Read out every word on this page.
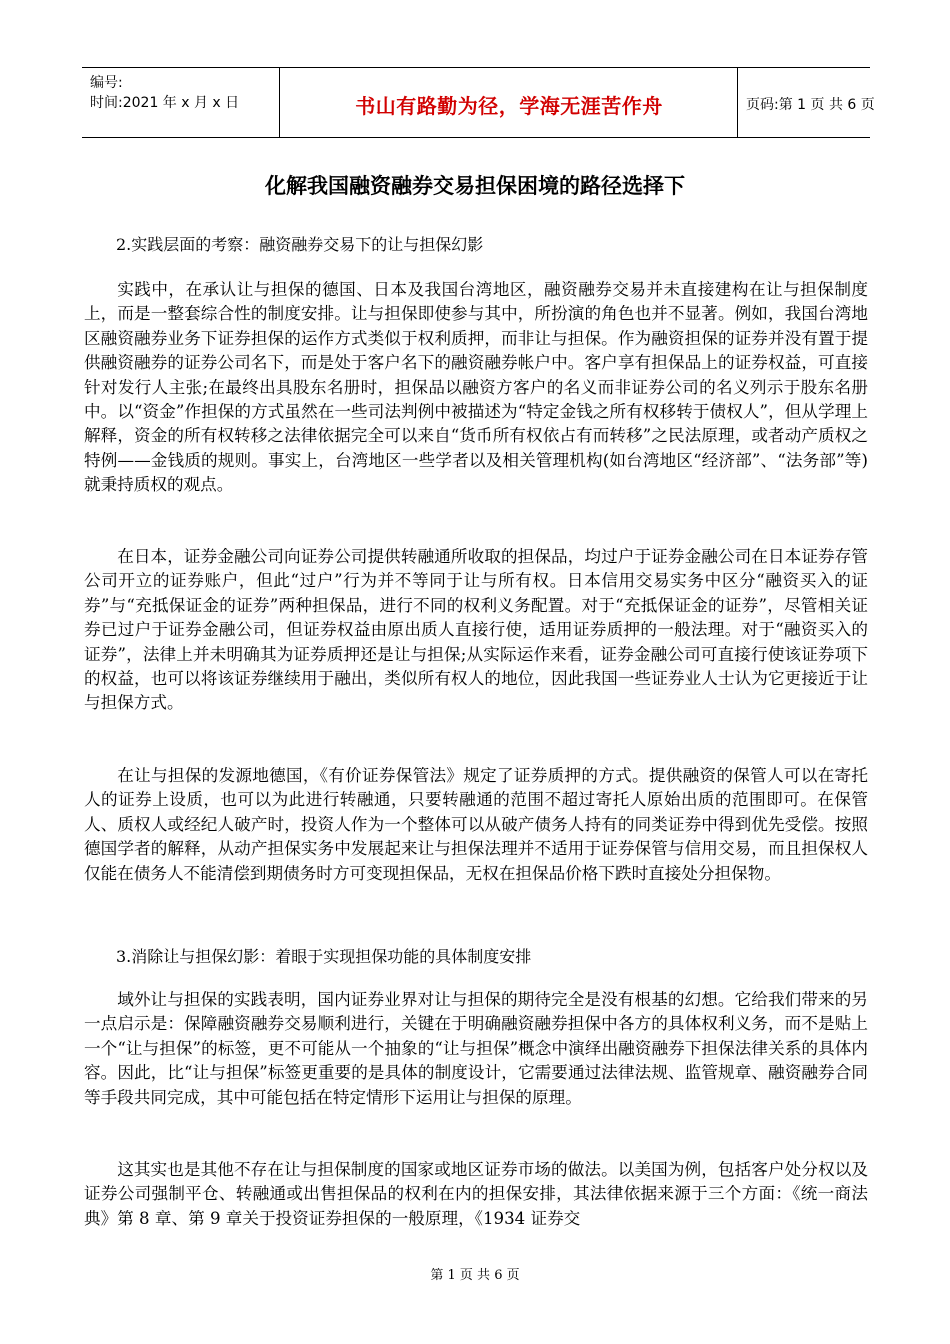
编号:
时间:2021 年 x 月 x 日	书山有路勤为径，学海无涯苦作舟	页码:第 1 页 共 6 页
化解我国融资融券交易担保困境的路径选择下

2.实践层面的考察：融资融券交易下的让与担保幻影

实践中，在承认让与担保的德国、日本及我国台湾地区，融资融券交易并未直接建构在让与担保制度上，而是一整套综合性的制度安排。让与担保即使参与其中，所扮演的角色也并不显著。例如，我国台湾地区融资融券业务下证券担保的运作方式类似于权利质押，而非让与担保。作为融资担保的证券并没有置于提供融资融券的证券公司名下，而是处于客户名下的融资融券帐户中。客户享有担保品上的证券权益，可直接针对发行人主张;在最终出具股东名册时，担保品以融资方客户的名义而非证券公司的名义列示于股东名册中。以“资金”作担保的方式虽然在一些司法判例中被描述为“特定金钱之所有权移转于债权人”，但从学理上解释，资金的所有权转移之法律依据完全可以来自“货币所有权依占有而转移”之民法原理，或者动产质权之特例——金钱质的规则。事实上，台湾地区一些学者以及相关管理机构(如台湾地区“经济部”、“法务部”等)就秉持质权的观点。

在日本，证券金融公司向证券公司提供转融通所收取的担保品，均过户于证券金融公司在日本证券存管公司开立的证券账户，但此“过户”行为并不等同于让与所有权。日本信用交易实务中区分“融资买入的证券”与“充抵保证金的证券”两种担保品，进行不同的权利义务配置。对于“充抵保证金的证券”，尽管相关证券已过户于证券金融公司，但证券权益由原出质人直接行使，适用证券质押的一般法理。对于“融资买入的证券”，法律上并未明确其为证券质押还是让与担保;从实际运作来看，证券金融公司可直接行使该证券项下的权益，也可以将该证券继续用于融出，类似所有权人的地位，因此我国一些证券业人士认为它更接近于让与担保方式。

在让与担保的发源地德国，《有价证券保管法》规定了证券质押的方式。提供融资的保管人可以在寄托人的证券上设质，也可以为此进行转融通，只要转融通的范围不超过寄托人原始出质的范围即可。在保管人、质权人或经纪人破产时，投资人作为一个整体可以从破产债务人持有的同类证券中得到优先受偿。按照德国学者的解释，从动产担保实务中发展起来让与担保法理并不适用于证券保管与信用交易，而且担保权人仅能在债务人不能清偿到期债务时方可变现担保品，无权在担保品价格下跌时直接处分担保物。

3.消除让与担保幻影：着眼于实现担保功能的具体制度安排

域外让与担保的实践表明，国内证券业界对让与担保的期待完全是没有根基的幻想。它给我们带来的另一点启示是：保障融资融券交易顺利进行，关键在于明确融资融券担保中各方的具体权利义务，而不是贴上一个“让与担保”的标签，更不可能从一个抽象的“让与担保”概念中演绎出融资融券下担保法律关系的具体内容。因此，比“让与担保”标签更重要的是具体的制度设计，它需要通过法律法规、监管规章、融资融券合同等手段共同完成，其中可能包括在特定情形下运用让与担保的原理。

这其实也是其他不存在让与担保制度的国家或地区证券市场的做法。以美国为例，包括客户处分权以及证券公司强制平仓、转融通或出售担保品的权利在内的担保安排，其法律依据来源于三个方面：《统一商法典》第 8 章、第 9 章关于投资证券担保的一般原理，《1934 证券交

第 1 页 共 6 页
